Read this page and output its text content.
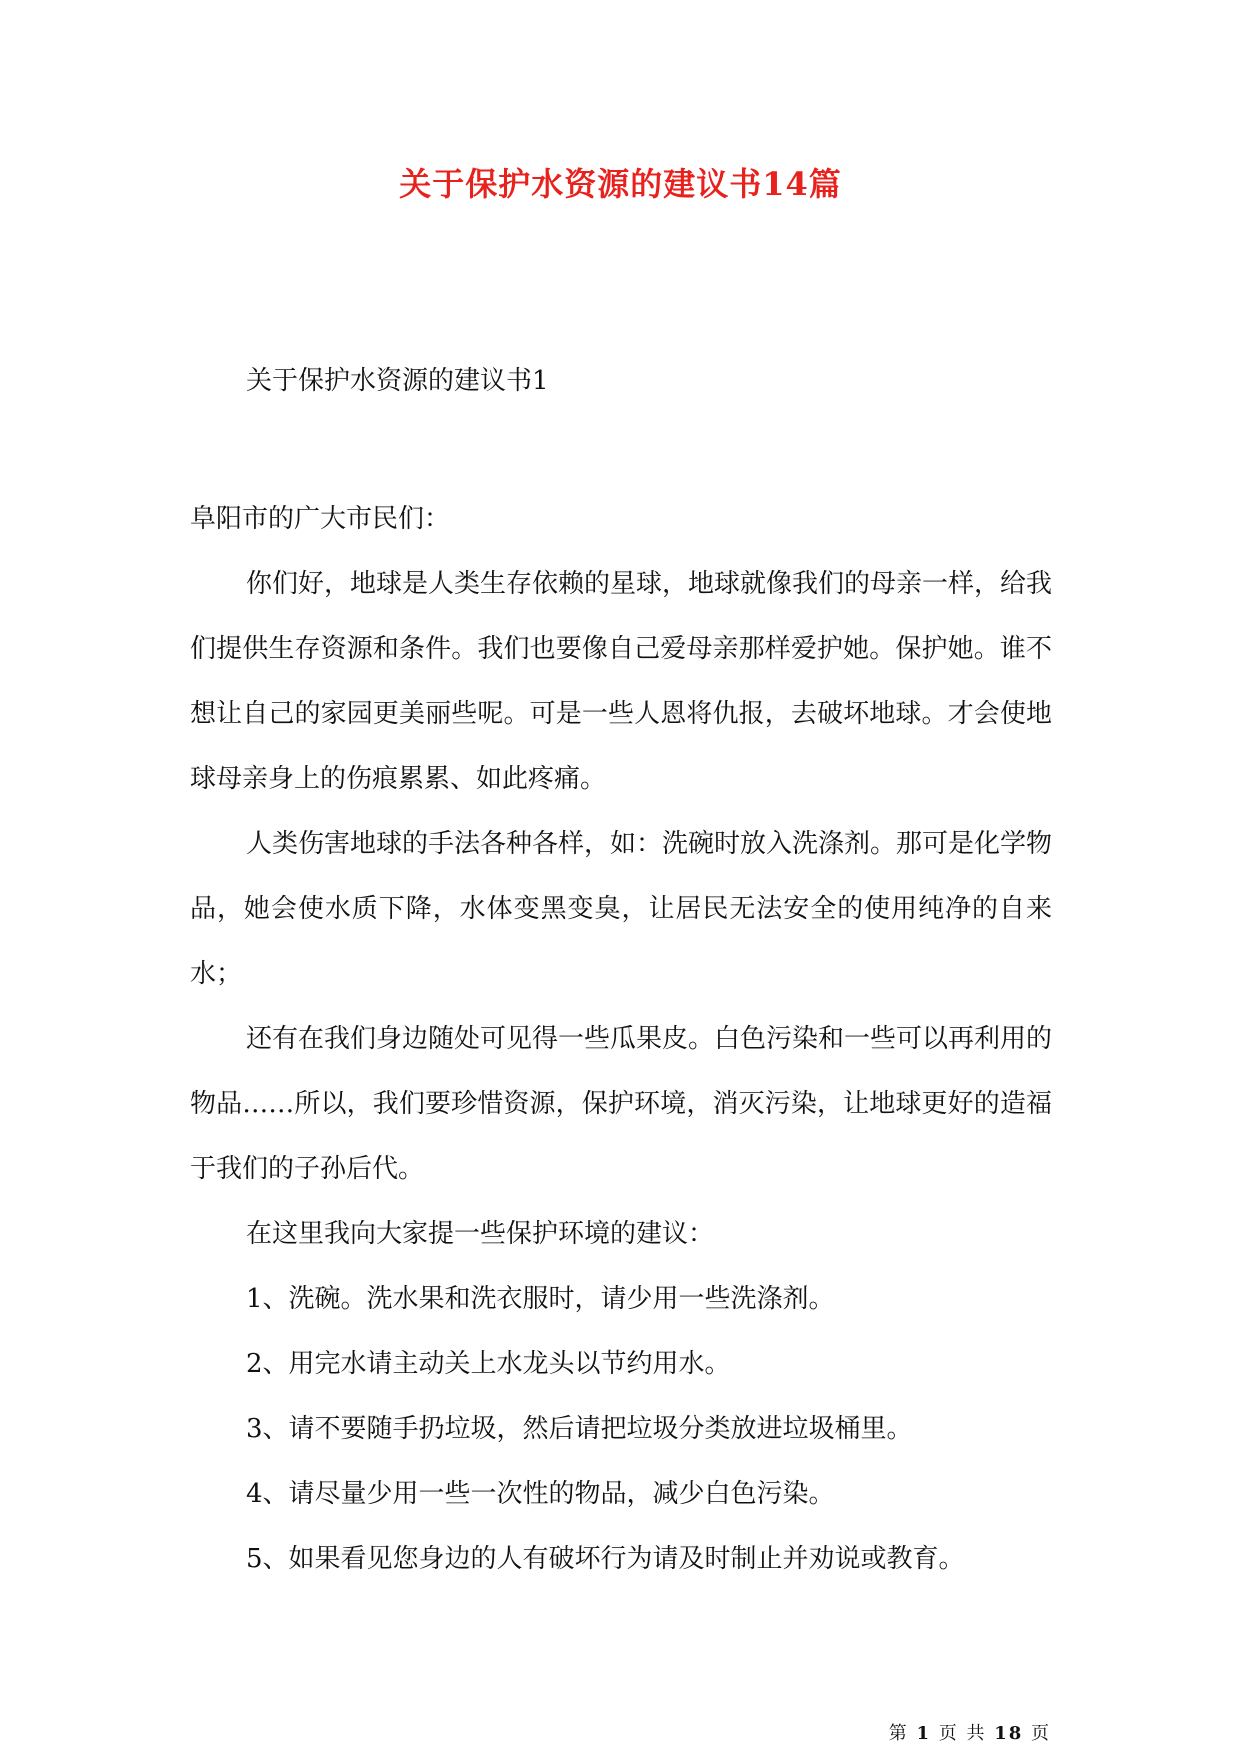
关于保护水资源的建议书14篇
关于保护水资源的建议书1

阜阳市的广大市民们：

你们好，地球是人类生存依赖的星球，地球就像我们的母亲一样，给我们提供生存资源和条件。我们也要像自己爱母亲那样爱护她。保护她。谁不想让自己的家园更美丽些呢。可是一些人恩将仇报，去破坏地球。才会使地球母亲身上的伤痕累累、如此疼痛。

人类伤害地球的手法各种各样，如：洗碗时放入洗涤剂。那可是化学物品，她会使水质下降，水体变黑变臭，让居民无法安全的使用纯净的自来水；

还有在我们身边随处可见得一些瓜果皮。白色污染和一些可以再利用的物品……所以，我们要珍惜资源，保护环境，消灭污染，让地球更好的造福于我们的子孙后代。

在这里我向大家提一些保护环境的建议：

1、洗碗。洗水果和洗衣服时，请少用一些洗涤剂。

2、用完水请主动关上水龙头以节约用水。

3、请不要随手扔垃圾，然后请把垃圾分类放进垃圾桶里。

4、请尽量少用一些一次性的物品，减少白色污染。

5、如果看见您身边的人有破坏行为请及时制止并劝说或教育。

第 1 页 共 18 页
